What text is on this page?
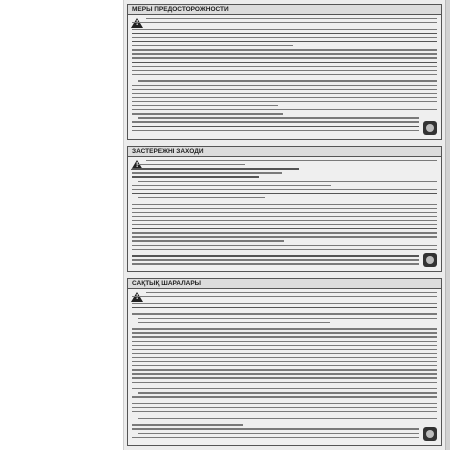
МЕРЫ ПРЕДОСТОРОЖНОСТИ
!
ЗАСТЕРЕЖНІ ЗАХОДИ
!
САҚТЫҚ ШАРАЛАРЫ
!
